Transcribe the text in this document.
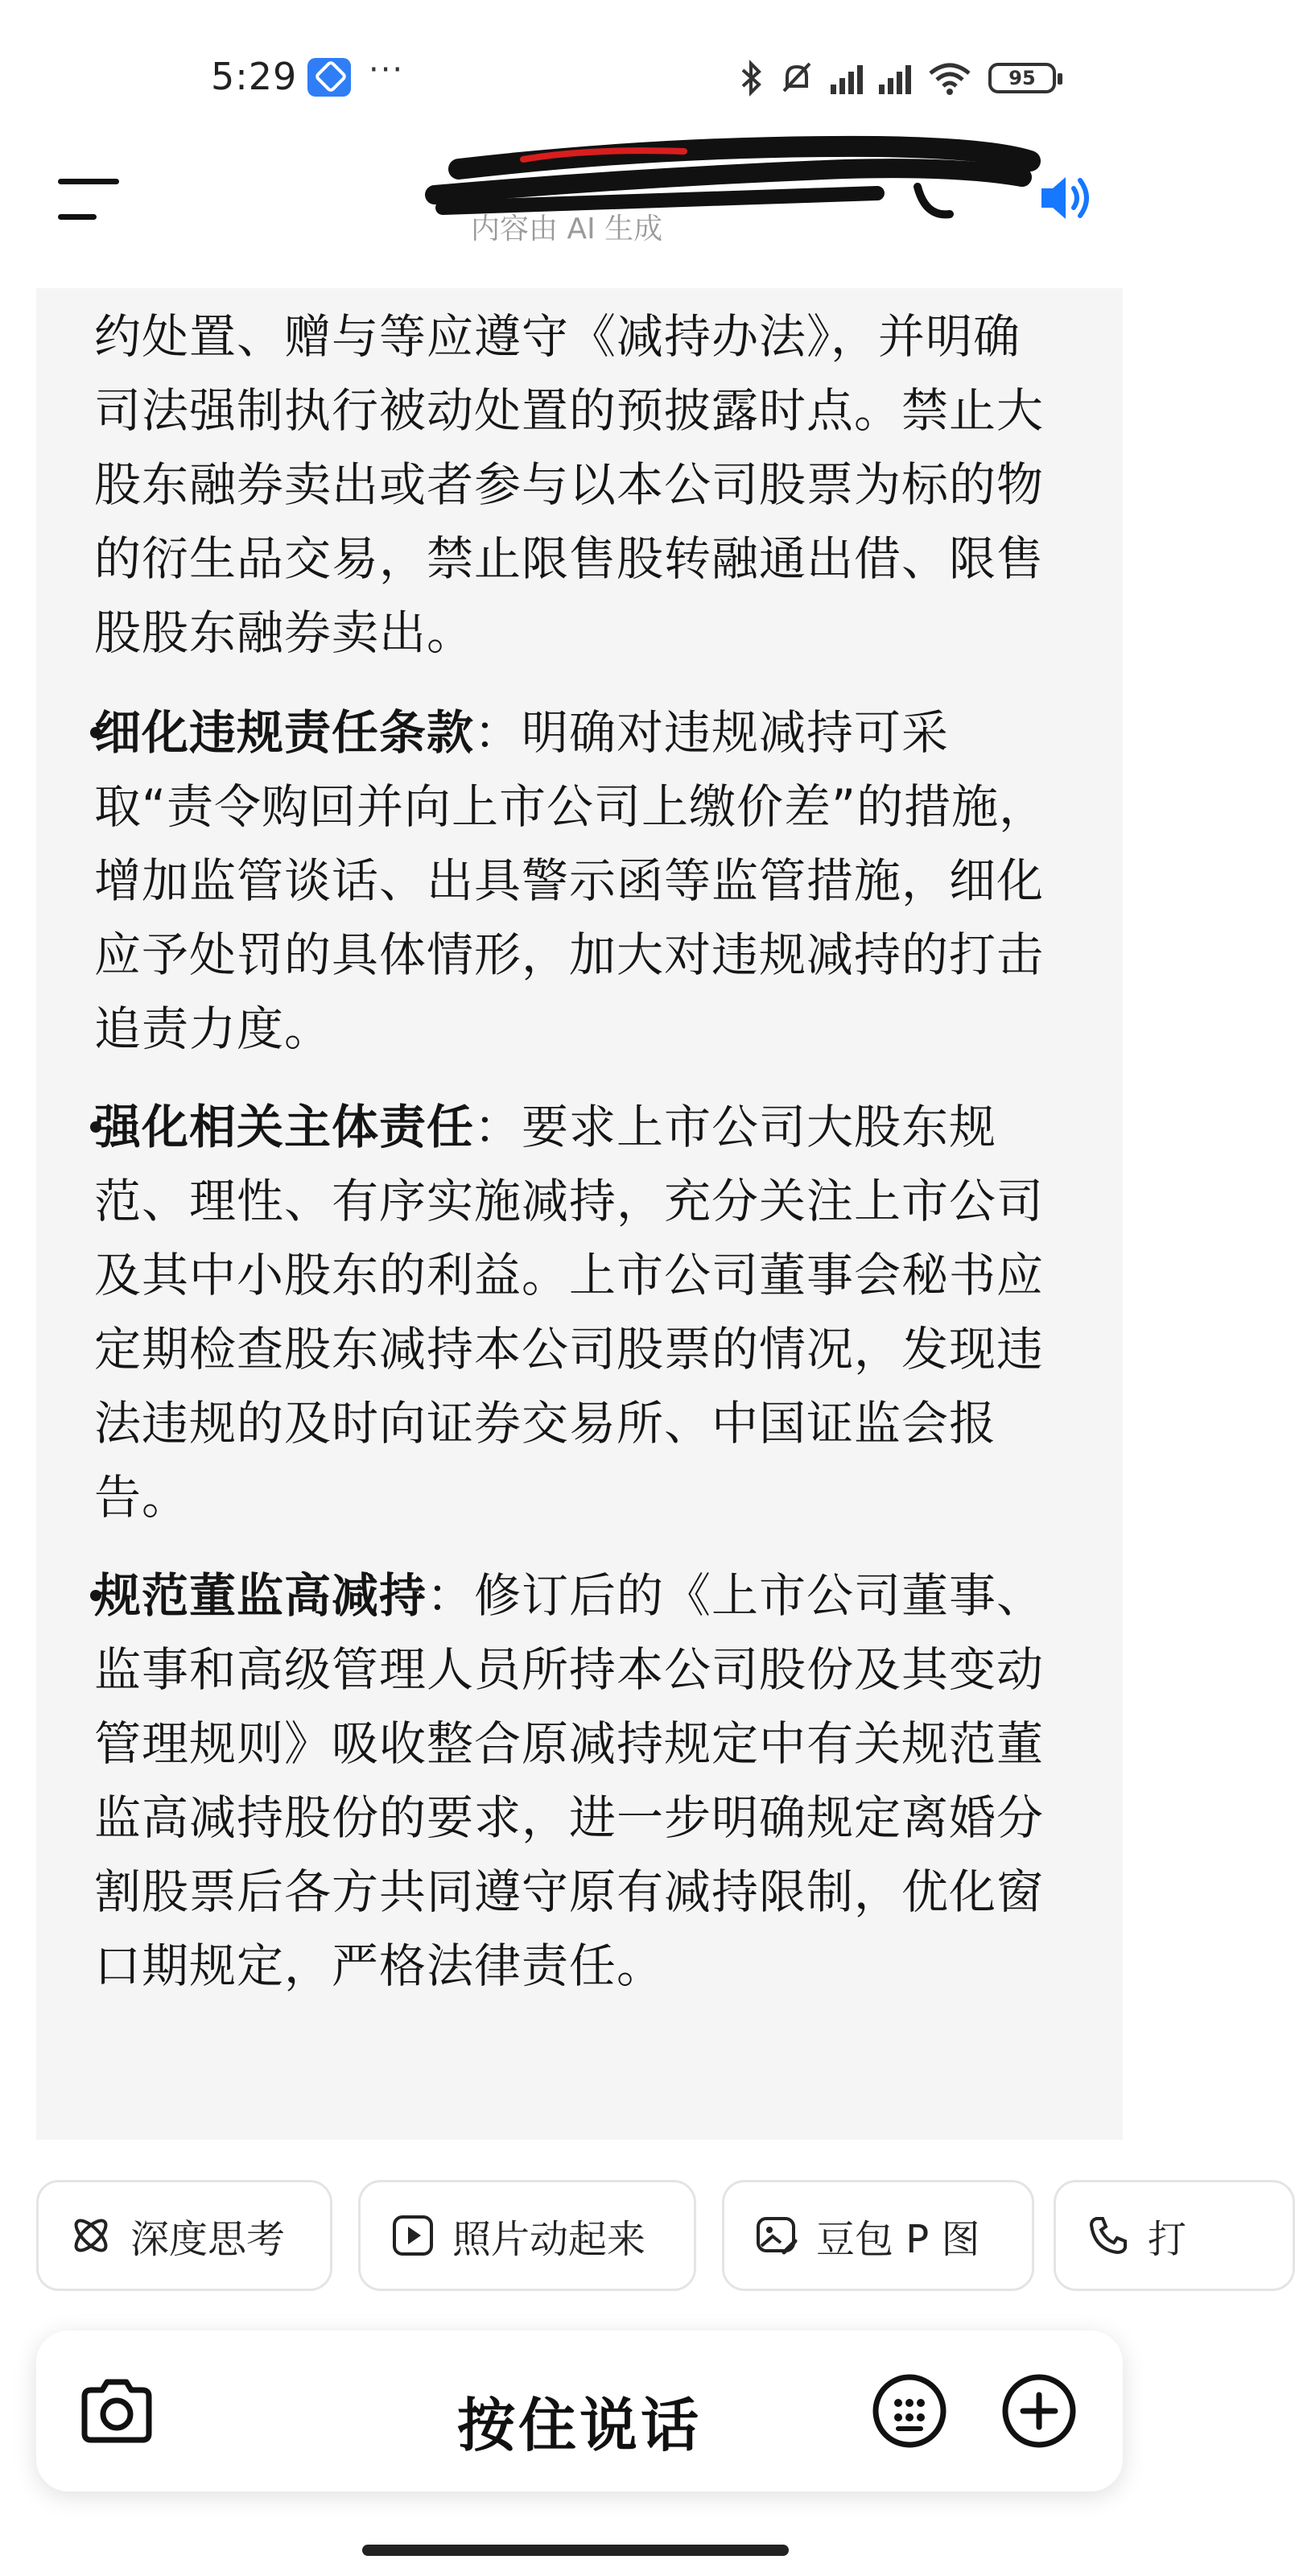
5:29 ···	95
内容由 AI 生成
约处置、赠与等应遵守《减持办法》，并明确司法强制执行被动处置的预披露时点。禁止大股东融券卖出或者参与以本公司股票为标的物的衍生品交易，禁止限售股转融通出借、限售股股东融券卖出。
细化违规责任条款：明确对违规减持可采取“责令购回并向上市公司上缴价差”的措施，增加监管谈话、出具警示函等监管措施，细化应予处罚的具体情形，加大对违规减持的打击追责力度。
强化相关主体责任：要求上市公司大股东规范、理性、有序实施减持，充分关注上市公司及其中小股东的利益。上市公司董事会秘书应定期检查股东减持本公司股票的情况，发现违法违规的及时向证券交易所、中国证监会报告。
规范董监高减持：修订后的《上市公司董事、监事和高级管理人员所持本公司股份及其变动管理规则》吸收整合原减持规定中有关规范董监高减持股份的要求，进一步明确规定离婚分割股票后各方共同遵守原有减持限制，优化窗口期规定，严格法律责任。
深度思考	照片动起来	豆包 P 图	打
按住说话
